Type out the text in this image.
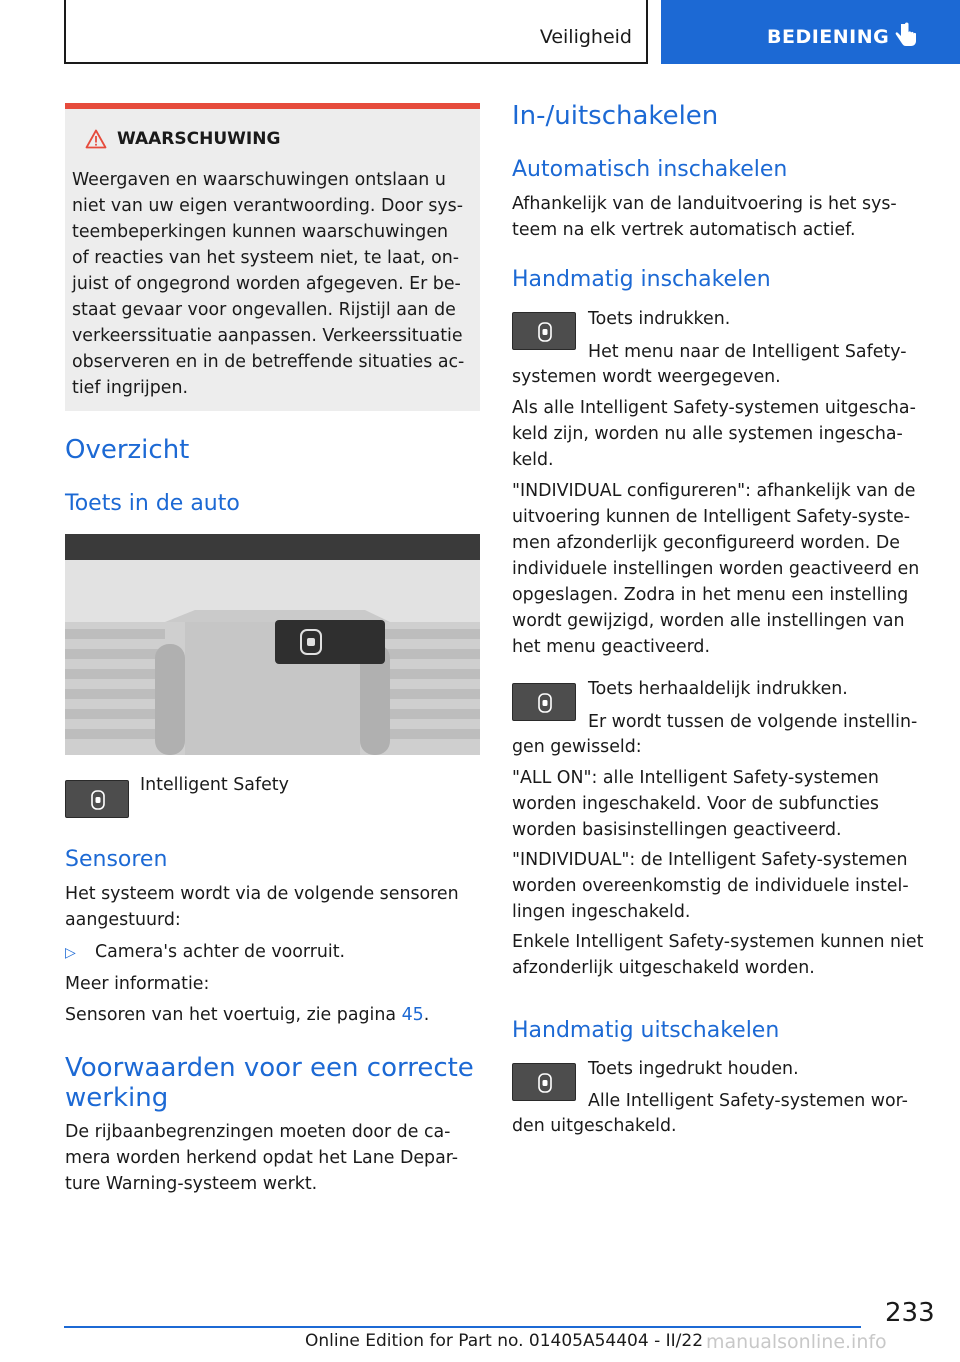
Veiligheid	BEDIENING
WAARSCHUWING
Weergaven en waarschuwingen ontslaan u
niet van uw eigen verantwoording. Door sys-
teembeperkingen kunnen waarschuwingen
of reacties van het systeem niet, te laat, on-
juist of ongegrond worden afgegeven. Er be-
staat gevaar voor ongevallen. Rijstijl aan de
verkeerssituatie aanpassen. Verkeerssituatie
observeren en in de betreffende situaties ac-
tief ingrijpen.
Overzicht
Toets in de auto
Intelligent Safety
Sensoren
Het systeem wordt via de volgende sensoren
aangestuurd:
▷ Camera's achter de voorruit.
Meer informatie:
Sensoren van het voertuig, zie pagina 45.
Voorwaarden voor een correcte
werking
De rijbaanbegrenzingen moeten door de ca-
mera worden herkend opdat het Lane Depar-
ture Warning-systeem werkt.
In-/uitschakelen
Automatisch inschakelen
Afhankelijk van de landuitvoering is het sys-
teem na elk vertrek automatisch actief.
Handmatig inschakelen
Toets indrukken.
Het menu naar de Intelligent Safety-
systemen wordt weergegeven.
Als alle Intelligent Safety-systemen uitgescha-
keld zijn, worden nu alle systemen ingescha-
keld.
"INDIVIDUAL configureren": afhankelijk van de
uitvoering kunnen de Intelligent Safety-syste-
men afzonderlijk geconfigureerd worden. De
individuele instellingen worden geactiveerd en
opgeslagen. Zodra in het menu een instelling
wordt gewijzigd, worden alle instellingen van
het menu geactiveerd.
Toets herhaaldelijk indrukken.
Er wordt tussen de volgende instellin-
gen gewisseld:
"ALL ON": alle Intelligent Safety-systemen
worden ingeschakeld. Voor de subfuncties
worden basisinstellingen geactiveerd.
"INDIVIDUAL": de Intelligent Safety-systemen
worden overeenkomstig de individuele instel-
lingen ingeschakeld.
Enkele Intelligent Safety-systemen kunnen niet
afzonderlijk uitgeschakeld worden.
Handmatig uitschakelen
Toets ingedrukt houden.
Alle Intelligent Safety-systemen wor-
den uitgeschakeld.
233
Online Edition for Part no. 01405A54404 - II/22 manualsonline.info
